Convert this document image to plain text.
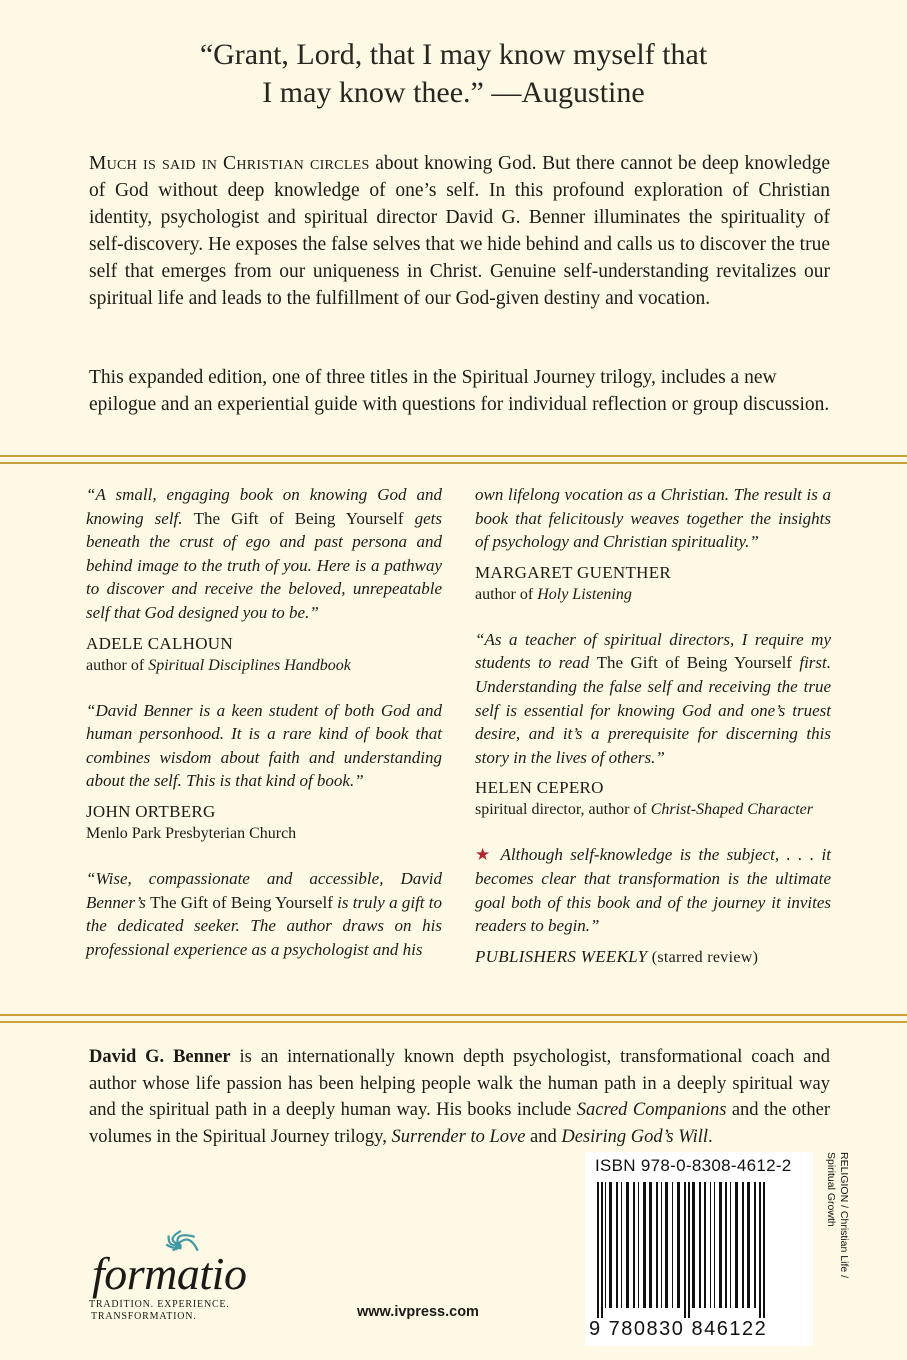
“Grant, Lord, that I may know myself that
I may know thee.” —Augustine

Much is said in Christian circles about knowing God. But there cannot be deep knowledge of God without deep knowledge of one’s self. In this profound exploration of Christian identity, psychologist and spiritual director David G. Benner illuminates the spirituality of self-discovery. He exposes the false selves that we hide behind and calls us to discover the true self that emerges from our uniqueness in Christ. Genuine self-understanding revitalizes our spiritual life and leads to the fulfillment of our God-given destiny and vocation.

This expanded edition, one of three titles in the Spiritual Journey trilogy, includes a new epilogue and an experiential guide with questions for individual reflection or group discussion.

“A small, engaging book on knowing God and knowing self. The Gift of Being Yourself gets beneath the crust of ego and past persona and behind image to the truth of you. Here is a pathway to discover and receive the beloved, unrepeatable self that God designed you to be.”

ADELE CALHOUN

author of Spiritual Disciplines Handbook

“David Benner is a keen student of both God and human personhood. It is a rare kind of book that combines wisdom about faith and understanding about the self. This is that kind of book.”

JOHN ORTBERG

Menlo Park Presbyterian Church

“Wise, compassionate and accessible, David Benner’s The Gift of Being Yourself is truly a gift to the dedicated seeker. The author draws on his professional experience as a psychologist and his

own lifelong vocation as a Christian. The result is a book that felicitously weaves together the insights of psychology and Christian spirituality.”

MARGARET GUENTHER

author of Holy Listening

“As a teacher of spiritual directors, I require my students to read The Gift of Being Yourself first. Understanding the false self and receiving the true self is essential for knowing God and one’s truest desire, and it’s a prerequisite for discerning this story in the lives of others.”

HELEN CEPERO

spiritual director, author of Christ-Shaped Character

★ Although self-knowledge is the subject, . . . it becomes clear that transformation is the ultimate goal both of this book and of the journey it invites readers to begin.”

PUBLISHERS WEEKLY (starred review)

David G. Benner is an internationally known depth psychologist, transformational coach and author whose life passion has been helping people walk the human path in a deeply spiritual way and the spiritual path in a deeply human way. His books include Sacred Companions and the other volumes in the Spiritual Journey trilogy, Surrender to Love and Desiring God’s Will.

ISBN 978-0-8308-4612-2
9 780830 846122
RELIGION / Christian Life /
Spiritual Growth
formatio
TRADITION. EXPERIENCE.
TRANSFORMATION.	www.ivpress.com
